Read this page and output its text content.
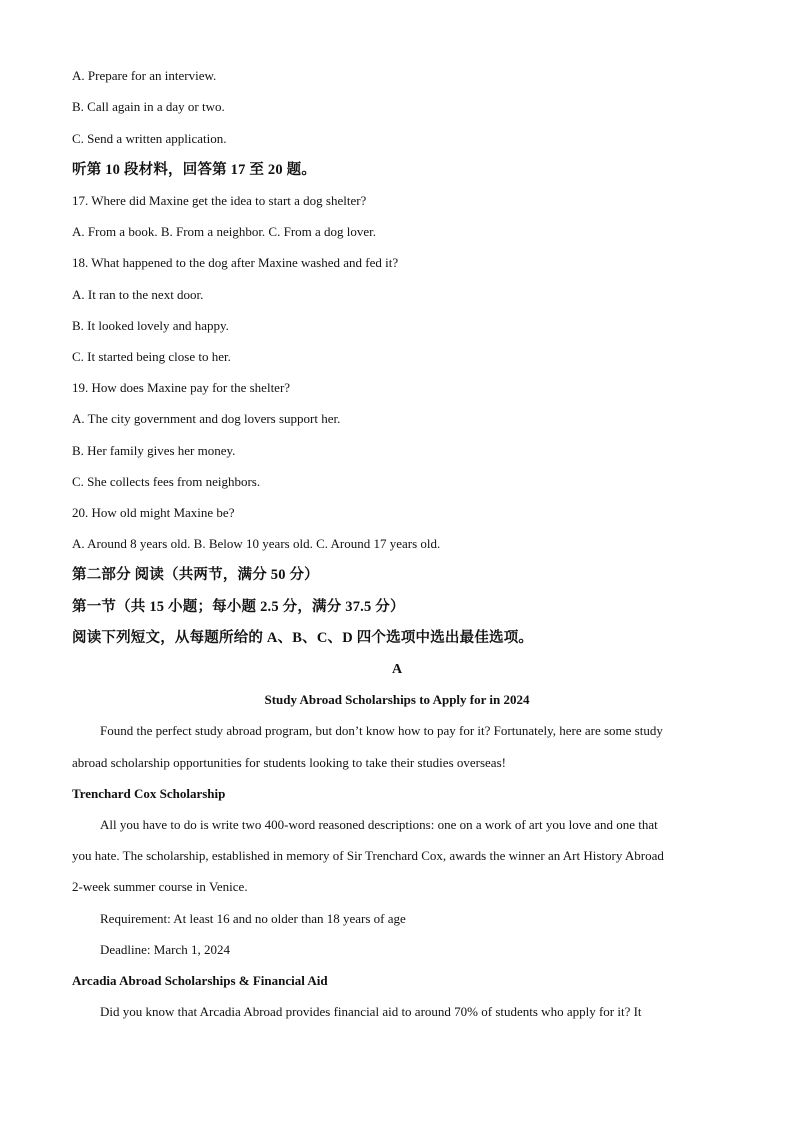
A. Prepare for an interview.
B. Call again in a day or two.
C. Send a written application.
听第 10 段材料，回答第 17 至 20 题。
17. Where did Maxine get the idea to start a dog shelter?
A. From a book. B. From a neighbor. C. From a dog lover.
18. What happened to the dog after Maxine washed and fed it?
A. It ran to the next door.
B. It looked lovely and happy.
C. It started being close to her.
19. How does Maxine pay for the shelter?
A. The city government and dog lovers support her.
B. Her family gives her money.
C. She collects fees from neighbors.
20. How old might Maxine be?
A. Around 8 years old. B. Below 10 years old. C. Around 17 years old.
第二部分 阅读（共两节，满分 50 分）
第一节（共 15 小题；每小题 2.5 分，满分 37.5 分）
阅读下列短文，从每题所给的 A、B、C、D 四个选项中选出最佳选项。
A
Study Abroad Scholarships to Apply for in 2024
Found the perfect study abroad program, but don’t know how to pay for it? Fortunately, here are some study
abroad scholarship opportunities for students looking to take their studies overseas!
Trenchard Cox Scholarship
All you have to do is write two 400-word reasoned descriptions: one on a work of art you love and one that
you hate. The scholarship, established in memory of Sir Trenchard Cox, awards the winner an Art History Abroad
2-week summer course in Venice.
Requirement: At least 16 and no older than 18 years of age
Deadline: March 1, 2024
Arcadia Abroad Scholarships & Financial Aid
Did you know that Arcadia Abroad provides financial aid to around 70% of students who apply for it? It
